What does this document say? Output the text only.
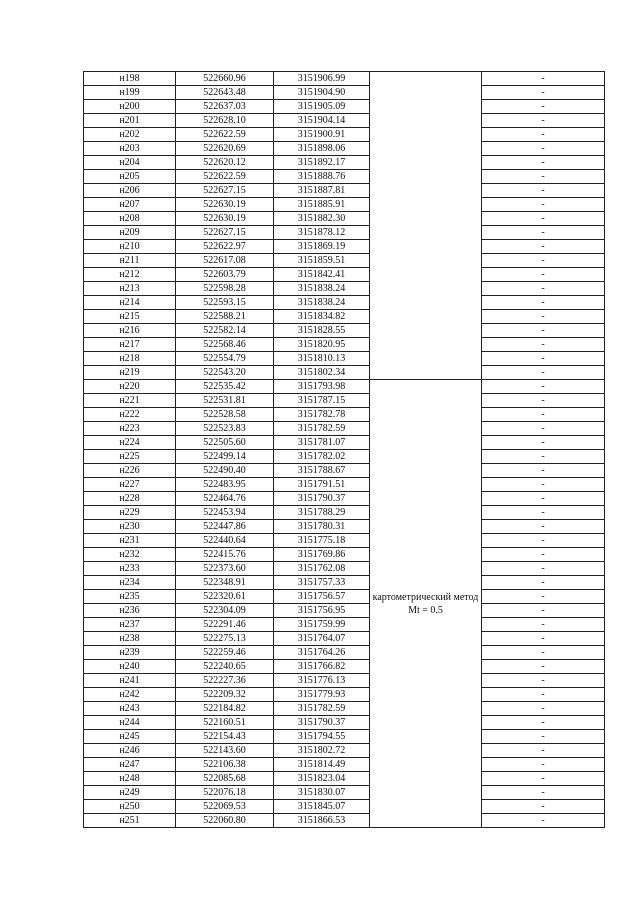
н198	522660.96	3151906.99		-
н199	522643.48	3151904.90		-
н200	522637.03	3151905.09		-
н201	522628.10	3151904.14		-
н202	522622.59	3151900.91		-
н203	522620.69	3151898.06		-
н204	522620.12	3151892.17		-
н205	522622.59	3151888.76		-
н206	522627.15	3151887.81		-
н207	522630.19	3151885.91		-
н208	522630.19	3151882.30		-
н209	522627.15	3151878.12		-
н210	522622.97	3151869.19		-
н211	522617.08	3151859.51		-
н212	522603.79	3151842.41		-
н213	522598.28	3151838.24		-
н214	522593.15	3151838.24		-
н215	522588.21	3151834.82		-
н216	522582.14	3151828.55		-
н217	522568.46	3151820.95		-
н218	522554.79	3151810.13		-
н219	522543.20	3151802.34		-
н220	522535.42	3151793.98	картометрический метод Mt = 0.5	-
н221	522531.81	3151787.15		-
н222	522528.58	3151782.78		-
н223	522523.83	3151782.59		-
н224	522505.60	3151781.07		-
н225	522499.14	3151782.02		-
н226	522490.40	3151788.67		-
н227	522483.95	3151791.51		-
н228	522464.76	3151790.37		-
н229	522453.94	3151788.29		-
н230	522447.86	3151780.31		-
н231	522440.64	3151775.18		-
н232	522415.76	3151769.86		-
н233	522373.60	3151762.08		-
н234	522348.91	3151757.33		-
н235	522320.61	3151756.57		-
н236	522304.09	3151756.95		-
н237	522291.46	3151759.99		-
н238	522275.13	3151764.07		-
н239	522259.46	3151764.26		-
н240	522240.65	3151766.82		-
н241	522227.36	3151776.13		-
н242	522209.32	3151779.93		-
н243	522184.82	3151782.59		-
н244	522160.51	3151790.37		-
н245	522154.43	3151794.55		-
н246	522143.60	3151802.72		-
н247	522106.38	3151814.49		-
н248	522085.68	3151823.04		-
н249	522076.18	3151830.07		-
н250	522069.53	3151845.07		-
н251	522060.80	3151866.53		-
